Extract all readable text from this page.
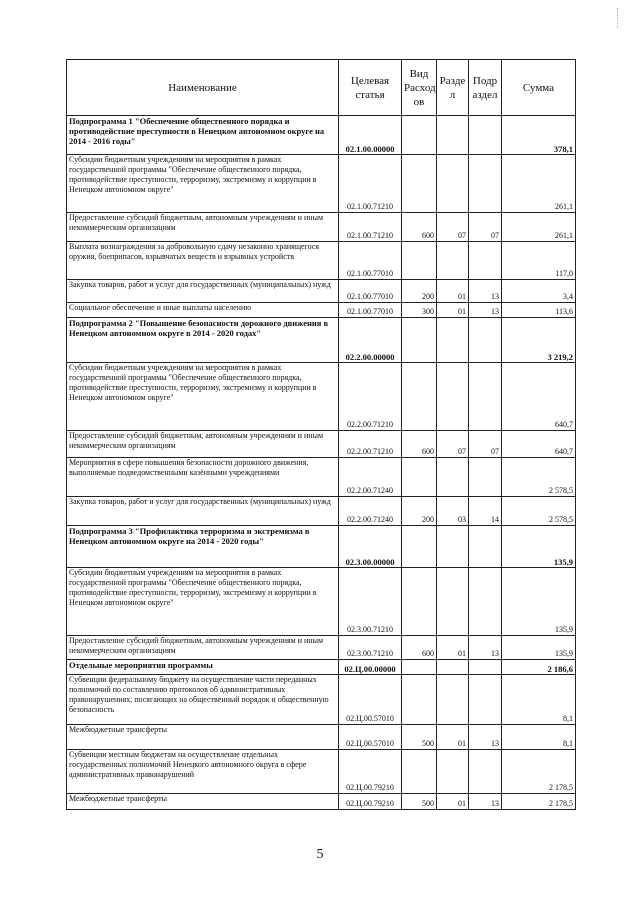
Наименование	Целевая статья	Вид Расход ов	Разде л	Подр аздел	Сумма
Подпрограмма 1 "Обеспечение общественного порядка и противодействие преступности в Ненецком автономном округе на 2014 - 2016 годы"	02.1.00.00000				378,1
Субсидии бюджетным учреждениям на мероприятия в рамках государственной программы "Обеспечение общественного порядка, противодействие преступности, терроризму, экстремизму и коррупции в Ненецком автономном округе"	02.1.00.71210				261,1
Предоставление субсидий бюджетным, автономным учреждениям и иным некоммерческим организациям	02.1.00.71210	600	07	07	261,1
Выплата вознаграждения за добровольную сдачу незаконно хранящегося оружия, боеприпасов, взрывчатых веществ и взрывных устройств	02.1.00.77010				117,0
Закупка товаров, работ и услуг для государственных (муниципальных) нужд	02.1.00.77010	200	01	13	3,4
Социальное обеспечение и иные выплаты населению	02.1.00.77010	300	01	13	113,6
Подпрограмма 2 "Повышение безопасности дорожного движения в Ненецком автономном округе в 2014 - 2020 годах"	02.2.00.00000				3 219,2
Субсидии бюджетным учреждениям на мероприятия в рамках государственной программы "Обеспечение общественного порядка, противодействие преступности, терроризму, экстремизму и коррупции в Ненецком автономном округе"	02.2.00.71210				640,7
Предоставление субсидий бюджетным, автономным учреждениям и иным некоммерческим организациям	02.2.00.71210	600	07	07	640,7
Мероприятия в сфере повышения безопасности дорожного движения, выполняемые подведомственными казёнными учреждениями	02.2.00.71240				2 578,5
Закупка товаров, работ и услуг для государственных (муниципальных) нужд	02.2.00.71240	200	03	14	2 578,5
Подпрограмма 3 "Профилактика терроризма и экстремизма в Ненецком автономном округе на 2014 - 2020 годы"	02.3.00.00000				135,9
Субсидии бюджетным учреждениям на мероприятия в рамках государственной программы "Обеспечение общественного порядка, противодействие преступности, терроризму, экстремизму и коррупции в Ненецком автономном округе"	02.3.00.71210				135,9
Предоставление субсидий бюджетным, автономным учреждениям и иным некоммерческим организациям	02.3.00.71210	600	01	13	135,9
Отдельные мероприятия программы	02.Ц.00.00000				2 186,6
Субвенции федеральному бюджету на осуществление части переданных полномочий по составлению протоколов об административных правонарушениях, посягающих на общественный порядок и общественную безопасность	02.Ц.00.57010				8,1
Межбюджетные трансферты	02.Ц.00.57010	500	01	13	8,1
Субвенции местным бюджетам на осуществление отдельных государственных полномочий Ненецкого автономного округа в сфере административных правонарушений	02.Ц.00.79210				2 178,5
Межбюджетные трансферты	02.Ц.00.79210	500	01	13	2 178,5
5
